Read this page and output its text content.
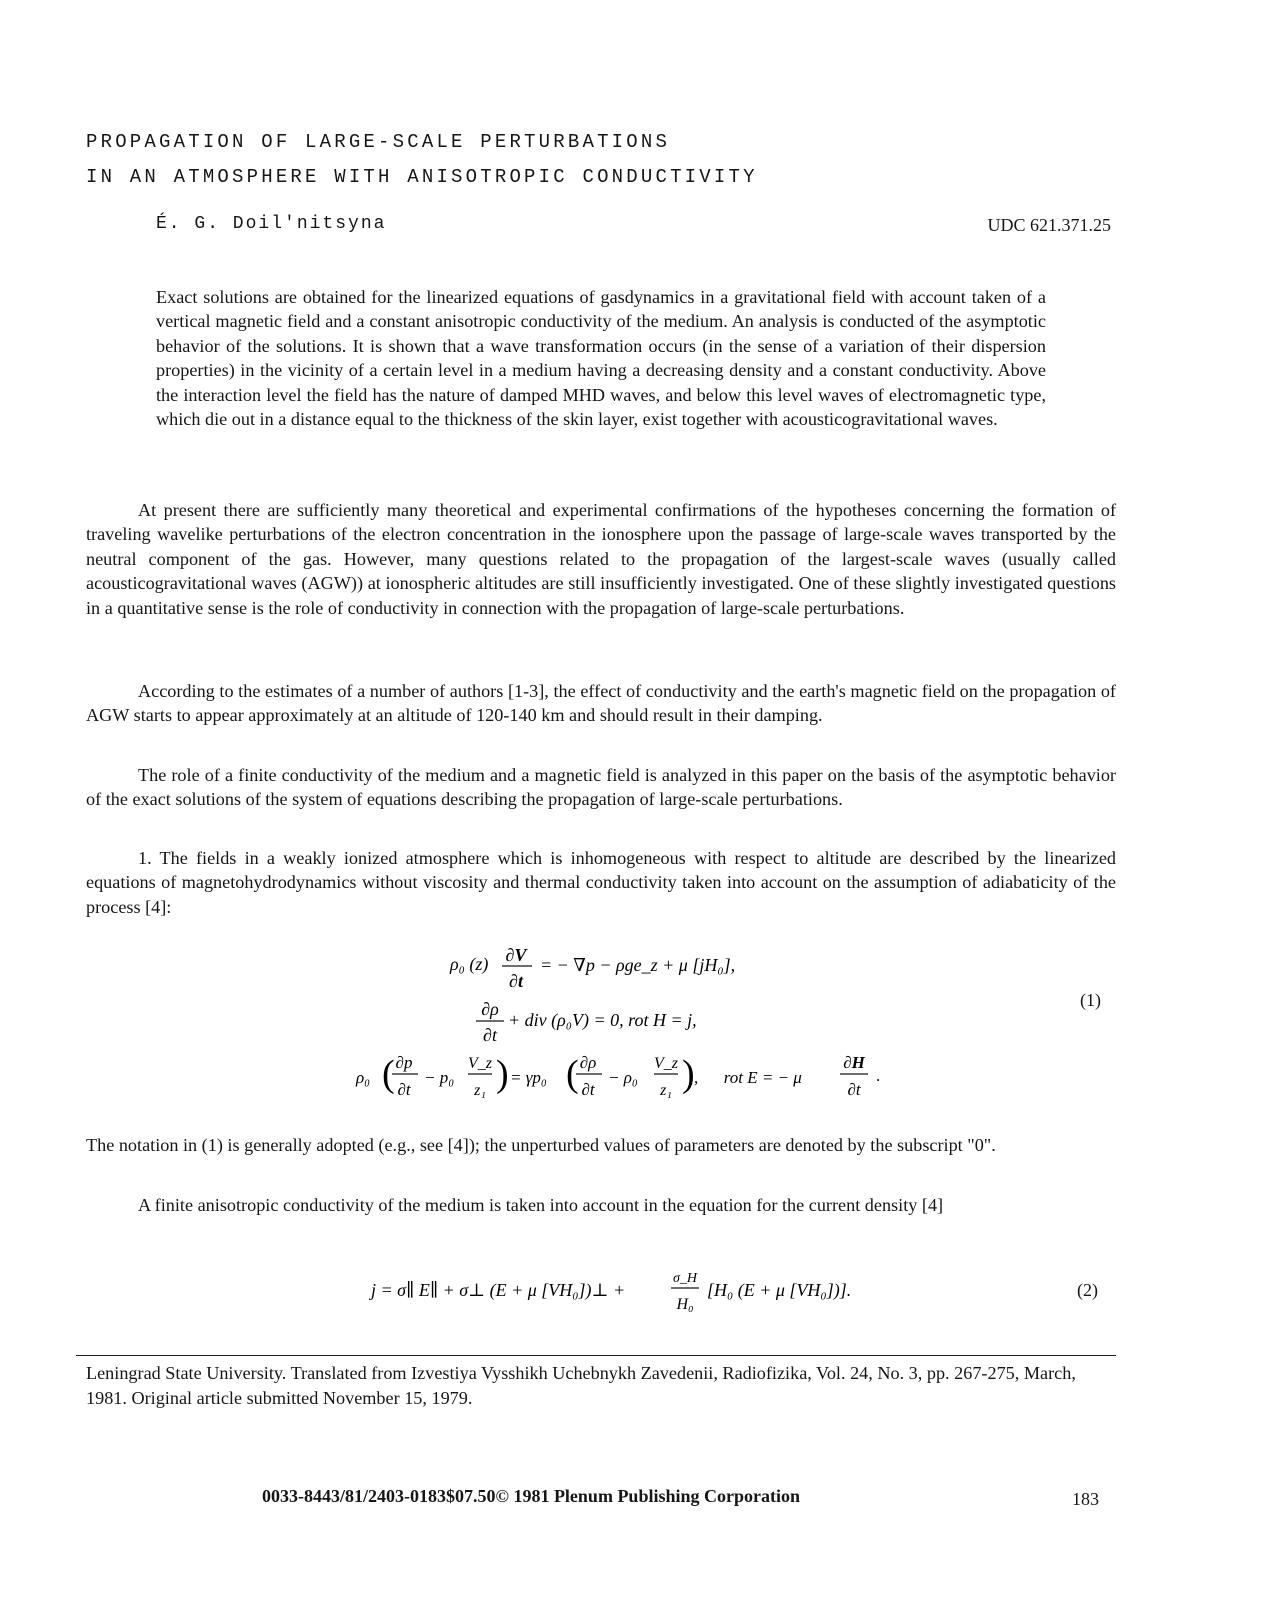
PROPAGATION OF LARGE-SCALE PERTURBATIONS
IN AN ATMOSPHERE WITH ANISOTROPIC CONDUCTIVITY
É. G. Doil'nitsyna	UDC 621.371.25
Exact solutions are obtained for the linearized equations of gasdynamics in a gravitational field with account taken of a vertical magnetic field and a constant anisotropic conductivity of the medium. An analysis is conducted of the asymptotic behavior of the solutions. It is shown that a wave transformation occurs (in the sense of a variation of their dispersion properties) in the vicinity of a certain level in a medium having a decreasing density and a constant conductivity. Above the interaction level the field has the nature of damped MHD waves, and below this level waves of electromagnetic type, which die out in a distance equal to the thickness of the skin layer, exist together with acousticogravitational waves.
At present there are sufficiently many theoretical and experimental confirmations of the hypotheses concerning the formation of traveling wavelike perturbations of the electron concentration in the ionosphere upon the passage of large-scale waves transported by the neutral component of the gas. However, many questions related to the propagation of the largest-scale waves (usually called acousticogravitational waves (AGW)) at ionospheric altitudes are still insufficiently investigated. One of these slightly investigated questions in a quantitative sense is the role of conductivity in connection with the propagation of large-scale perturbations.
According to the estimates of a number of authors [1-3], the effect of conductivity and the earth's magnetic field on the propagation of AGW starts to appear approximately at an altitude of 120-140 km and should result in their damping.
The role of a finite conductivity of the medium and a magnetic field is analyzed in this paper on the basis of the asymptotic behavior of the exact solutions of the system of equations describing the propagation of large-scale perturbations.
1. The fields in a weakly ionized atmosphere which is inhomogeneous with respect to altitude are described by the linearized equations of magnetohydrodynamics without viscosity and thermal conductivity taken into account on the assumption of adiabaticity of the process [4]:
ρ₀ (z) ∂V
∂t
= − ∇p − ρge_z + μ [jH₀],
∂ρ
∂t
+ div (ρ₀V) = 0, rot H = j,
ρ₀ ( ∂p
∂t
− p₀
V_z
z₁ ) = γp₀ ( ∂ρ
∂t
− ρ₀
V_z
z₁ ) ,      rot E = − μ
∂H
∂t
.
(1)
The notation in (1) is generally adopted (e.g., see [4]); the unperturbed values of parameters are denoted by the subscript "0".
A finite anisotropic conductivity of the medium is taken into account in the equation for the current density [4]
j = σ∥ E∥ + σ⊥ (E + μ [VH₀])⊥ +
σ_H
H₀
[H₀ (E + μ [VH₀])].	(2)
Leningrad State University. Translated from Izvestiya Vysshikh Uchebnykh Zavedenii, Radiofizika, Vol. 24, No. 3, pp. 267-275, March, 1981. Original article submitted November 15, 1979.
0033-8443/81/2403-0183$07.50© 1981 Plenum Publishing Corporation	183
